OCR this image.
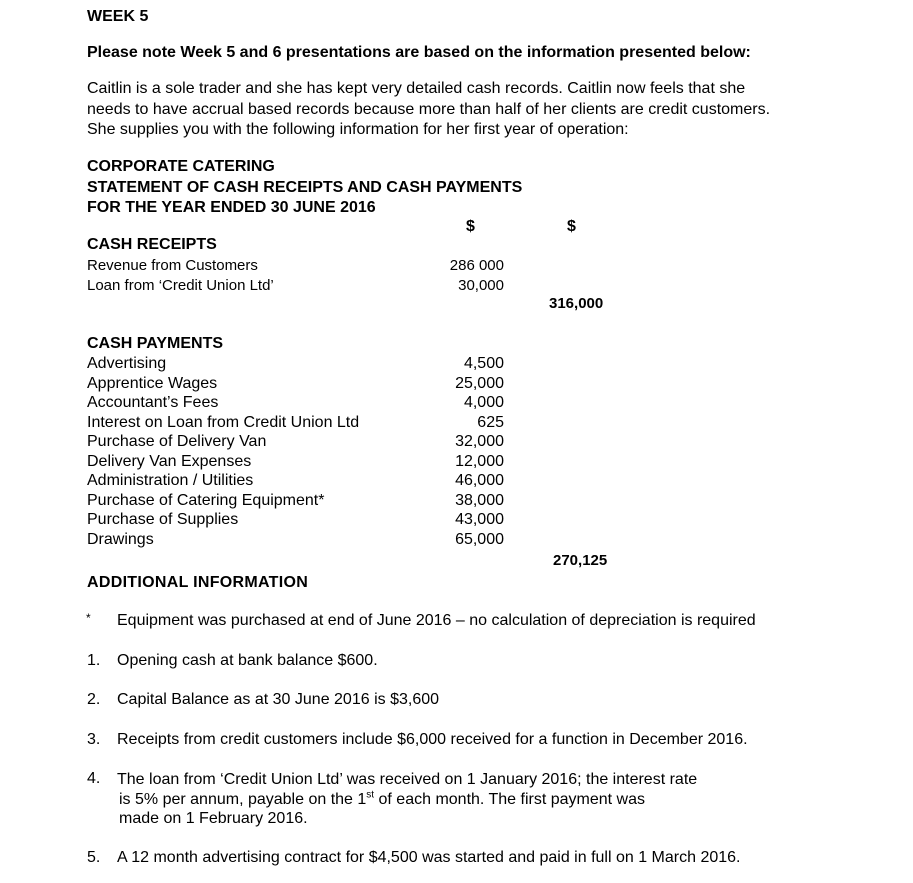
WEEK 5
Please note Week 5 and 6 presentations are based on the information presented below:
Caitlin is a sole trader and she has kept very detailed cash records. Caitlin now feels that she
needs to have accrual based records because more than half of her clients are credit customers.
She supplies you with the following information for her first year of operation:
CORPORATE CATERING
STATEMENT OF CASH RECEIPTS AND CASH PAYMENTS
FOR THE YEAR ENDED 30 JUNE 2016
$	$
CASH RECEIPTS
Revenue from Customers
Loan from ‘Credit Union Ltd’
286 000
30,000
316,000
CASH PAYMENTS
Advertising
Apprentice Wages
Accountant’s Fees
Interest on Loan from Credit Union Ltd
Purchase of Delivery Van
Delivery Van Expenses
Administration / Utilities
Purchase of Catering Equipment*
Purchase of Supplies
Drawings
4,500
25,000
4,000
625
32,000
12,000
46,000
38,000
43,000
65,000
270,125
ADDITIONAL INFORMATION
* Equipment was purchased at end of June 2016 – no calculation of depreciation is required
1. Opening cash at bank balance $600.
2. Capital Balance as at 30 June 2016 is $3,600
3. Receipts from credit customers include $6,000 received for a function in December 2016.
4. The loan from ‘Credit Union Ltd’ was received on 1 January 2016; the interest rate
is 5% per annum, payable on the 1st of each month. The first payment was
made on 1 February 2016.
5. A 12 month advertising contract for $4,500 was started and paid in full on 1 March 2016.
